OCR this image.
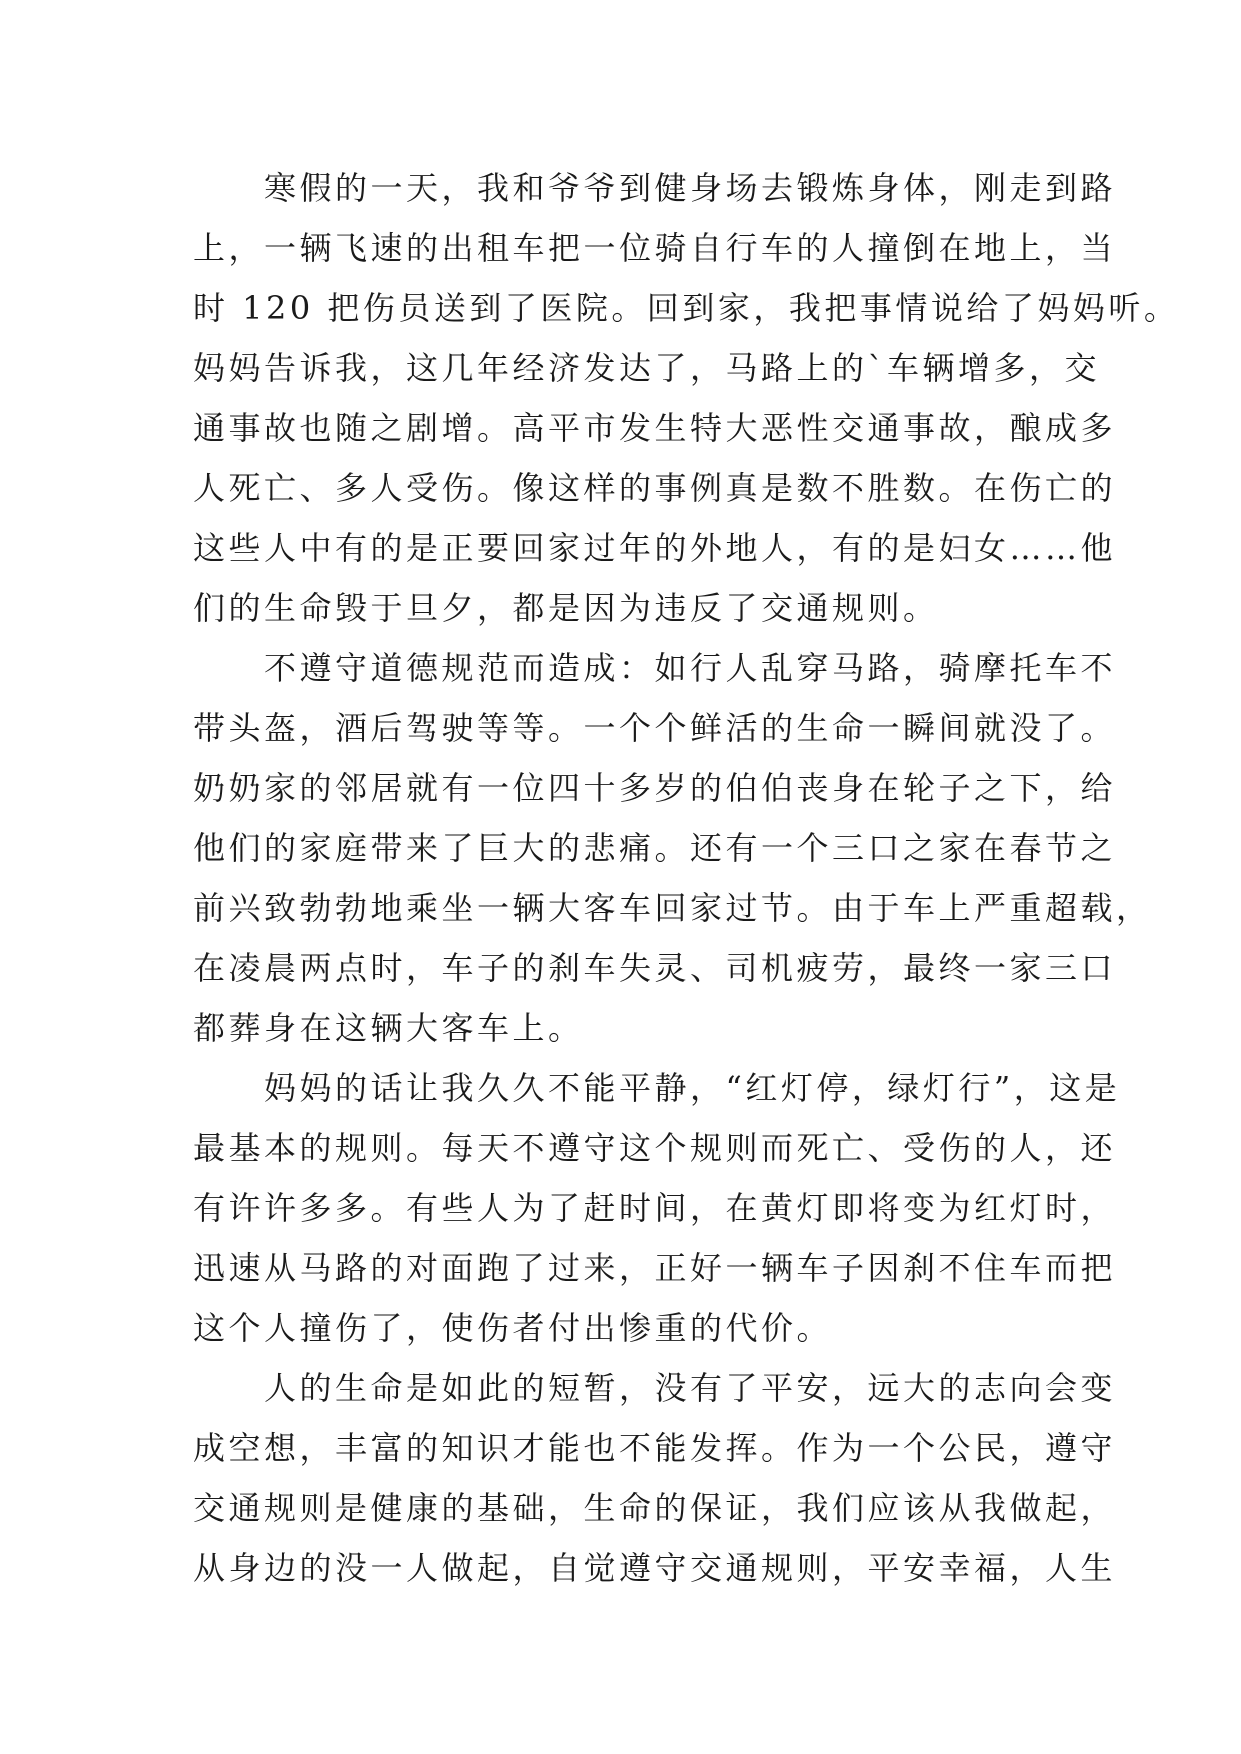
　　寒假的一天，我和爷爷到健身场去锻炼身体，刚走到路
上，一辆飞速的出租车把一位骑自行车的人撞倒在地上，当
时 120 把伤员送到了医院。回到家，我把事情说给了妈妈听。
妈妈告诉我，这几年经济发达了，马路上的`车辆增多，交
通事故也随之剧增。高平市发生特大恶性交通事故，酿成多
人死亡、多人受伤。像这样的事例真是数不胜数。在伤亡的
这些人中有的是正要回家过年的外地人，有的是妇女……他
们的生命毁于旦夕，都是因为违反了交通规则。
　　不遵守道德规范而造成：如行人乱穿马路，骑摩托车不
带头盔，酒后驾驶等等。一个个鲜活的生命一瞬间就没了。
奶奶家的邻居就有一位四十多岁的伯伯丧身在轮子之下，给
他们的家庭带来了巨大的悲痛。还有一个三口之家在春节之
前兴致勃勃地乘坐一辆大客车回家过节。由于车上严重超载，
在凌晨两点时，车子的刹车失灵、司机疲劳，最终一家三口
都葬身在这辆大客车上。
　　妈妈的话让我久久不能平静，“红灯停，绿灯行”，这是
最基本的规则。每天不遵守这个规则而死亡、受伤的人，还
有许许多多。有些人为了赶时间，在黄灯即将变为红灯时，
迅速从马路的对面跑了过来，正好一辆车子因刹不住车而把
这个人撞伤了，使伤者付出惨重的代价。
　　人的生命是如此的短暂，没有了平安，远大的志向会变
成空想，丰富的知识才能也不能发挥。作为一个公民，遵守
交通规则是健康的基础，生命的保证，我们应该从我做起，
从身边的没一人做起，自觉遵守交通规则，平安幸福，人生
